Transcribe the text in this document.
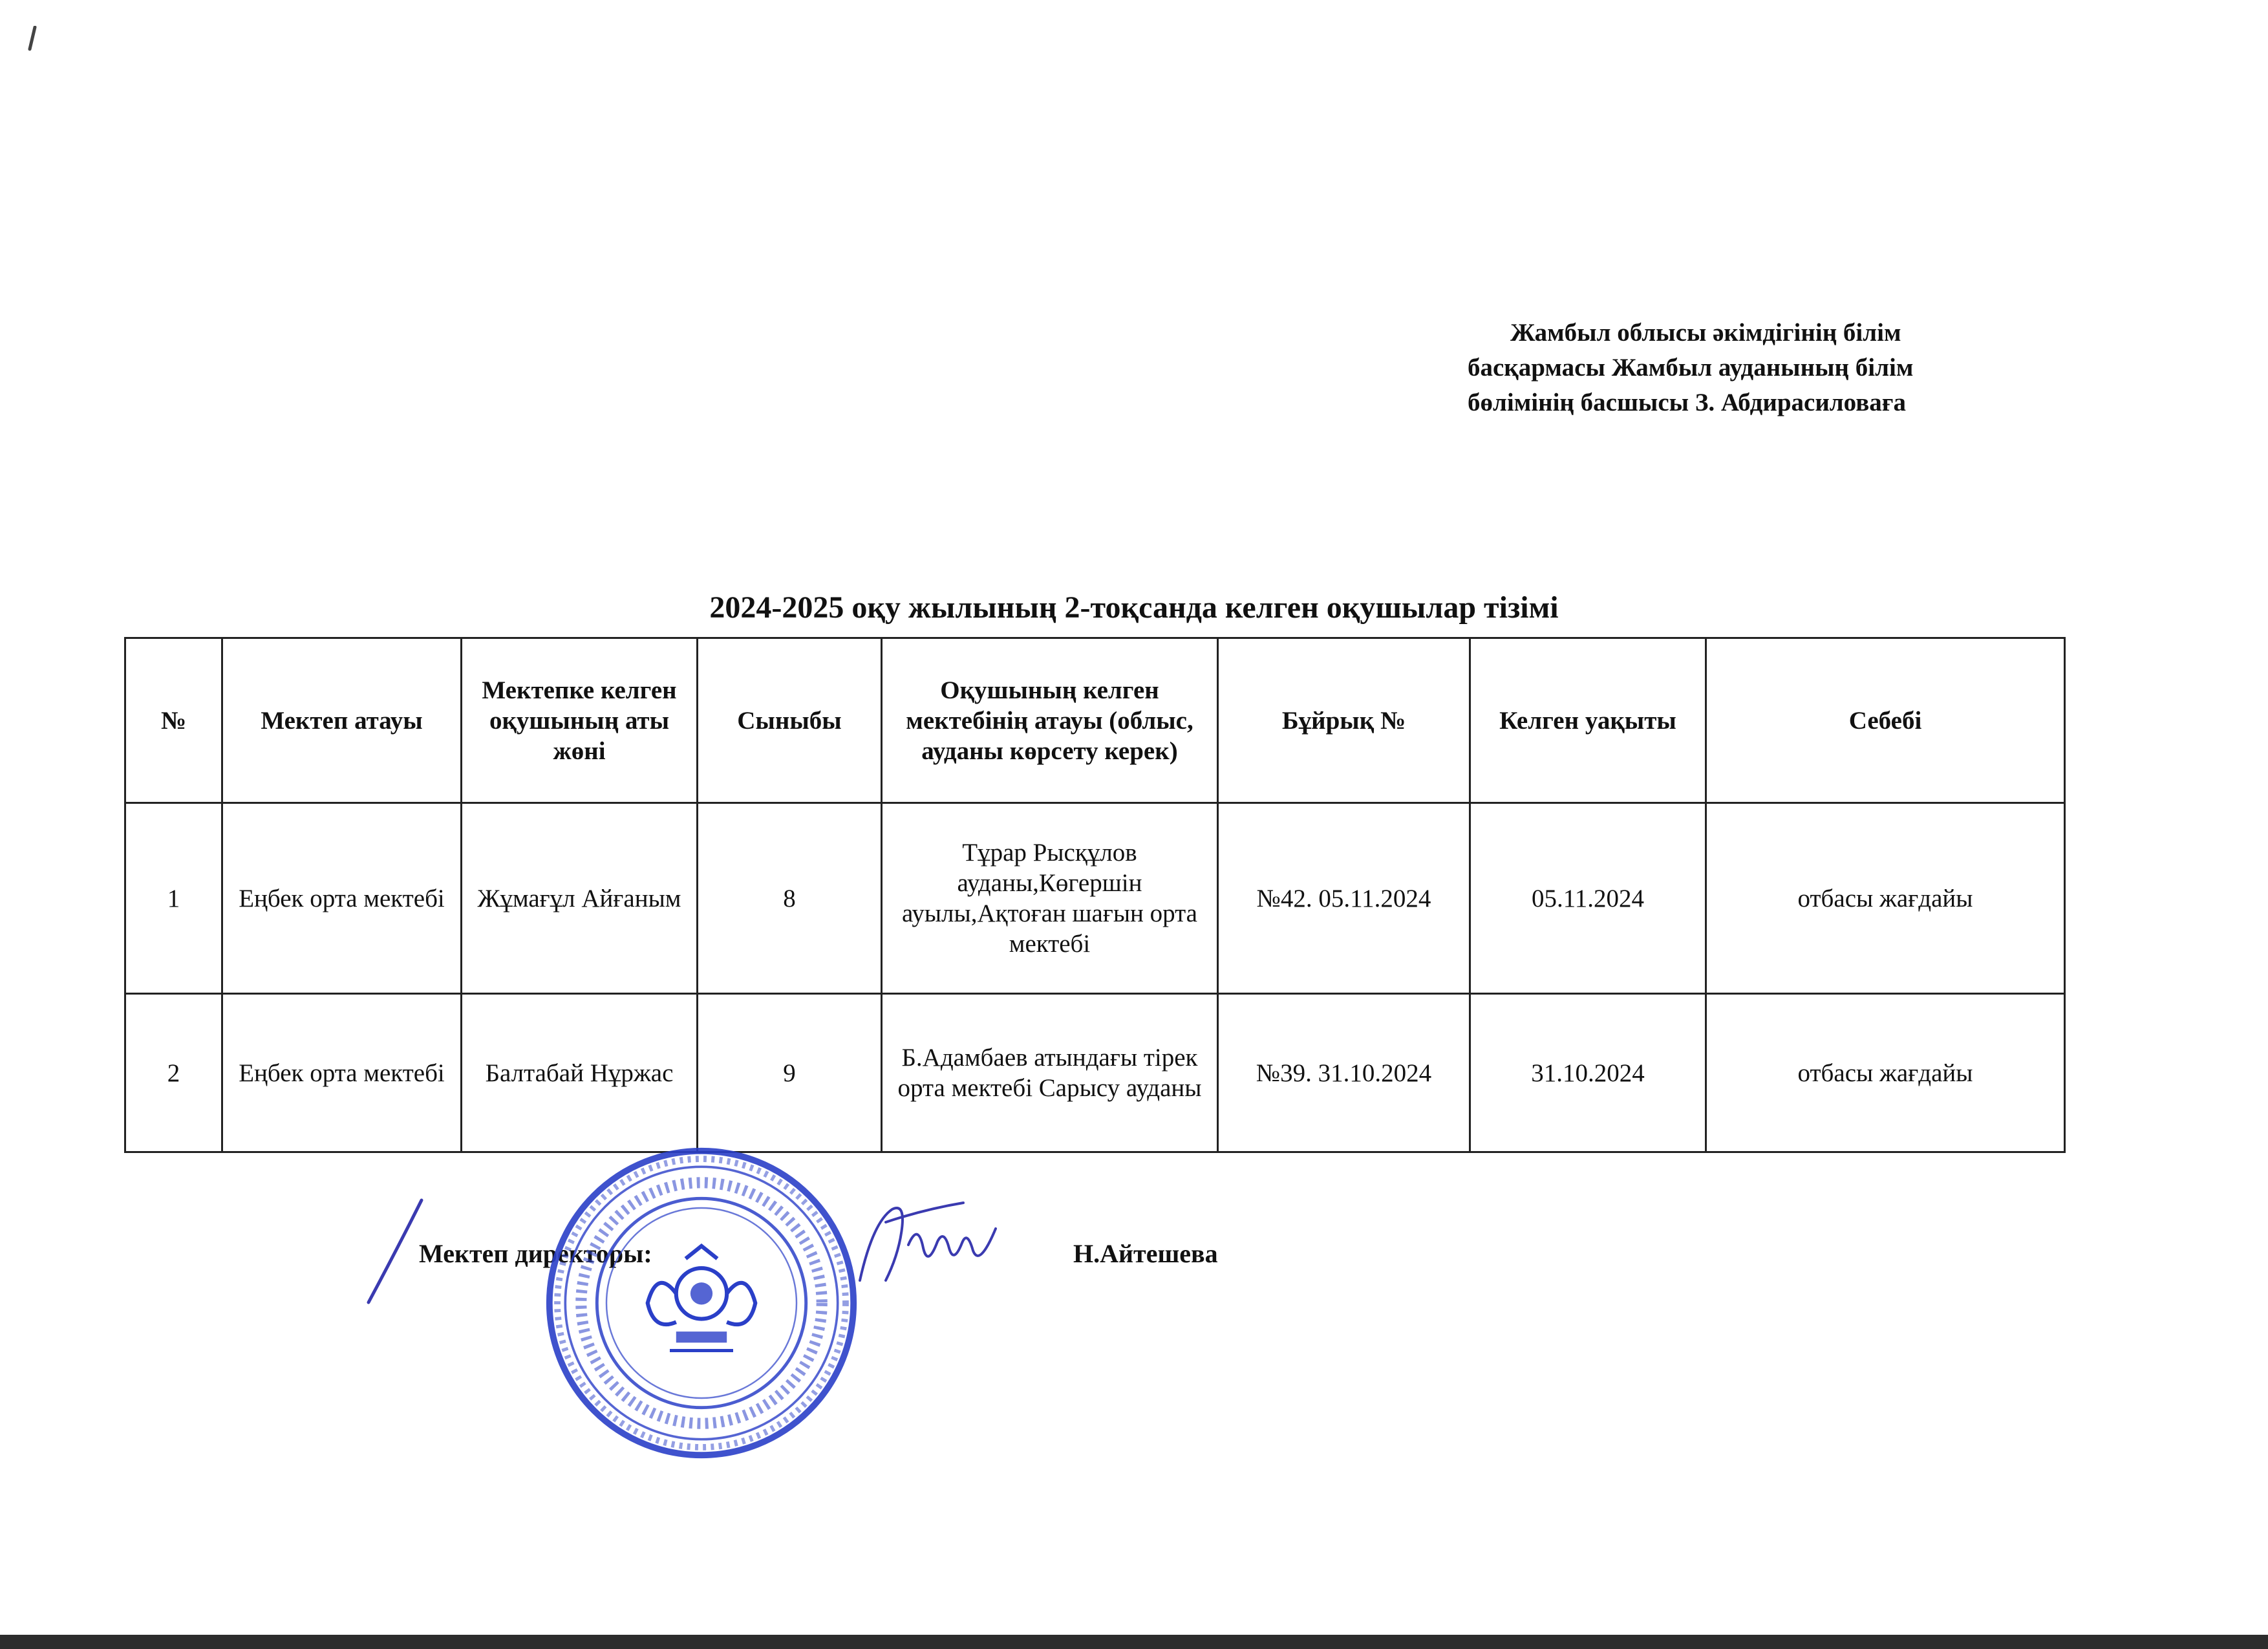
Жамбыл облысы әкімдігінің білім
басқармасы Жамбыл ауданының білім
бөлімінің басшысы З. Абдирасиловаға
2024-2025 оқу жылының 2-тоқсанда келген оқушылар тізімі
№	Мектеп атауы	Мектепке келген оқушының аты жөні	Сыныбы	Оқушының келген мектебінің атауы (облыс, ауданы көрсету керек)	Бұйрық №	Келген уақыты	Себебі
1	Еңбек орта мектебі	Жұмағұл Айғаным	8	Тұрар Рысқұлов ауданы,Көгершін ауылы,Ақтоған шағын орта мектебі	№42. 05.11.2024	05.11.2024	отбасы жағдайы
2	Еңбек орта мектебі	Балтабай Нұржас	9	Б.Адамбаев атындағы тірек орта мектебі Сарысу ауданы	№39. 31.10.2024	31.10.2024	отбасы жағдайы
Мектеп директоры:	Н.Айтешева
